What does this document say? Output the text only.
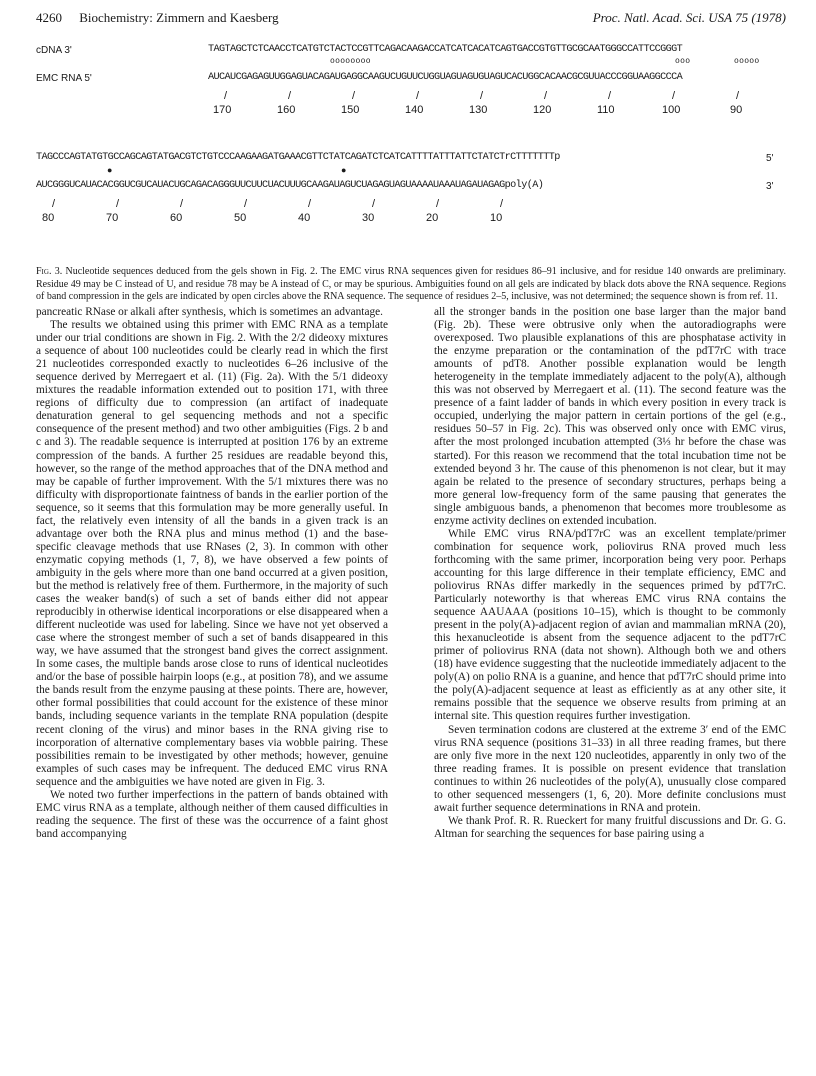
4260 Biochemistry: Zimmern and Kaesberg	Proc. Natl. Acad. Sci. USA 75 (1978)
cDNA 3'	TAGTAGCTCTCAACCTCATGTCTACTCCGTTCAGACAAGACCATCATCACATCAGTGACCGTGTTGCGCAATGGGCCATTCCGGGT
oooooooo	ooo	ooooo
EMC RNA 5'	AUCAUCGAGAGUUGGAGUACAGAUGAGGCAAGUCUGUUCUGGUAGUAGUGUAGUCACUGGCACAACGCGUUACCCGGUAAGGCCCA
/	/	/	/	/	/	/	/	/
170	160	150	140	130	120	110	100	90
TAGCCCAGTATGTGCCAGCAGTATGACGTCTGTCCCAAGAAGATGAAACGTTCTATCAGATCTCATCATTTTATTTATTCTATCTrCTTTTTTTp	5'
●	●
AUCGGGUCAUACACGGUCGUCAUACUGCAGACAGGGUUCUUCUACUUUGCAAGAUAGUCUAGAGUAGUAAAAUAAAUAGAUAGAGpoly(A)	3'
/	/	/	/	/	/	/	/
80	70	60	50	40	30	20	10
Fig. 3. Nucleotide sequences deduced from the gels shown in Fig. 2. The EMC virus RNA sequences given for residues 86–91 inclusive, and for residue 140 onwards are preliminary. Residue 49 may be C instead of U, and residue 78 may be A instead of C, or may be spurious. Ambiguities found on all gels are indicated by black dots above the RNA sequence. Regions of band compression in the gels are indicated by open circles above the RNA sequence. The sequence of residues 2–5, inclusive, was not determined; the sequence shown is from ref. 11.

pancreatic RNase or alkali after synthesis, which is sometimes an advantage.

The results we obtained using this primer with EMC RNA as a template under our trial conditions are shown in Fig. 2. With the 2/2 dideoxy mixtures a sequence of about 100 nucleotides could be clearly read in which the first 21 nucleotides corresponded exactly to nucleotides 6–26 inclusive of the sequence derived by Merregaert et al. (11) (Fig. 2a). With the 5/1 dideoxy mixtures the readable information extended out to position 171, with three regions of difficulty due to compression (an artifact of inadequate denaturation general to gel sequencing methods and not a specific consequence of the present method) and two other ambiguities (Figs. 2 b and c and 3). The readable sequence is interrupted at position 176 by an extreme compression of the bands. A further 25 residues are readable beyond this, however, so the range of the method approaches that of the DNA method and may be capable of further improvement. With the 5/1 mixtures there was no difficulty with disproportionate faintness of bands in the earlier portion of the sequence, so it seems that this formulation may be more generally useful. In fact, the relatively even intensity of all the bands in a given track is an advantage over both the RNA plus and minus method (1) and the base-specific cleavage methods that use RNases (2, 3). In common with other enzymatic copying methods (1, 7, 8), we have observed a few points of ambiguity in the gels where more than one band occurred at a given position, but the method is relatively free of them. Furthermore, in the majority of such cases the weaker band(s) of such a set of bands either did not appear reproducibly in otherwise identical incorporations or else disappeared when a different nucleotide was used for labeling. Since we have not yet observed a case where the strongest member of such a set of bands disappeared in this way, we have assumed that the strongest band gives the correct assignment. In some cases, the multiple bands arose close to runs of identical nucleotides and/or the base of possible hairpin loops (e.g., at position 78), and we assume the bands result from the enzyme pausing at these points. There are, however, other formal possibilities that could account for the existence of these minor bands, including sequence variants in the template RNA population (despite recent cloning of the virus) and minor bases in the RNA giving rise to incorporation of alternative complementary bases via wobble pairing. These possibilities remain to be investigated by other methods; however, genuine examples of such cases may be infrequent. The deduced EMC virus RNA sequence and the ambiguities we have noted are given in Fig. 3.

We noted two further imperfections in the pattern of bands obtained with EMC virus RNA as a template, although neither of them caused difficulties in reading the sequence. The first of these was the occurrence of a faint ghost band accompanying

all the stronger bands in the position one base larger than the major band (Fig. 2b). These were obtrusive only when the autoradiographs were overexposed. Two plausible explanations of this are phosphatase activity in the enzyme preparation or the contamination of the pdT7rC with trace amounts of pdT8. Another possible explanation would be length heterogeneity in the template immediately adjacent to the poly(A), although this was not observed by Merregaert et al. (11). The second feature was the presence of a faint ladder of bands in which every position in every track is occupied, underlying the major pattern in certain portions of the gel (e.g., residues 50–57 in Fig. 2c). This was observed only once with EMC virus, after the most prolonged incubation attempted (3⅓ hr before the chase was started). For this reason we recommend that the total incubation time not be extended beyond 3 hr. The cause of this phenomenon is not clear, but it may again be related to the presence of secondary structures, perhaps being a more general low-frequency form of the same pausing that generates the single ambiguous bands, a phenomenon that becomes more troublesome as enzyme activity declines on extended incubation.

While EMC virus RNA/pdT7rC was an excellent template/primer combination for sequence work, poliovirus RNA proved much less forthcoming with the same primer, incorporation being very poor. Perhaps accounting for this large difference in their template efficiency, EMC and poliovirus RNAs differ markedly in the sequences primed by pdT7rC. Particularly noteworthy is that whereas EMC virus RNA contains the sequence AAUAAA (positions 10–15), which is thought to be commonly present in the poly(A)-adjacent region of avian and mammalian mRNA (20), this hexanucleotide is absent from the sequence adjacent to the pdT7rC primer of poliovirus RNA (data not shown). Although both we and others (18) have evidence suggesting that the nucleotide immediately adjacent to the poly(A) on polio RNA is a guanine, and hence that pdT7rC should prime into the poly(A)-adjacent sequence at least as efficiently as at any other site, it remains possible that the sequence we observe results from priming at an internal site. This question requires further investigation.

Seven termination codons are clustered at the extreme 3′ end of the EMC virus RNA sequence (positions 31–33) in all three reading frames, but there are only five more in the next 120 nucleotides, apparently in only two of the three reading frames. It is possible on present evidence that translation continues to within 26 nucleotides of the poly(A), unusually close compared to other sequenced messengers (1, 6, 20). More definite conclusions must await further sequence determinations in RNA and protein.

We thank Prof. R. R. Rueckert for many fruitful discussions and Dr. G. G. Altman for searching the sequences for base pairing using a
